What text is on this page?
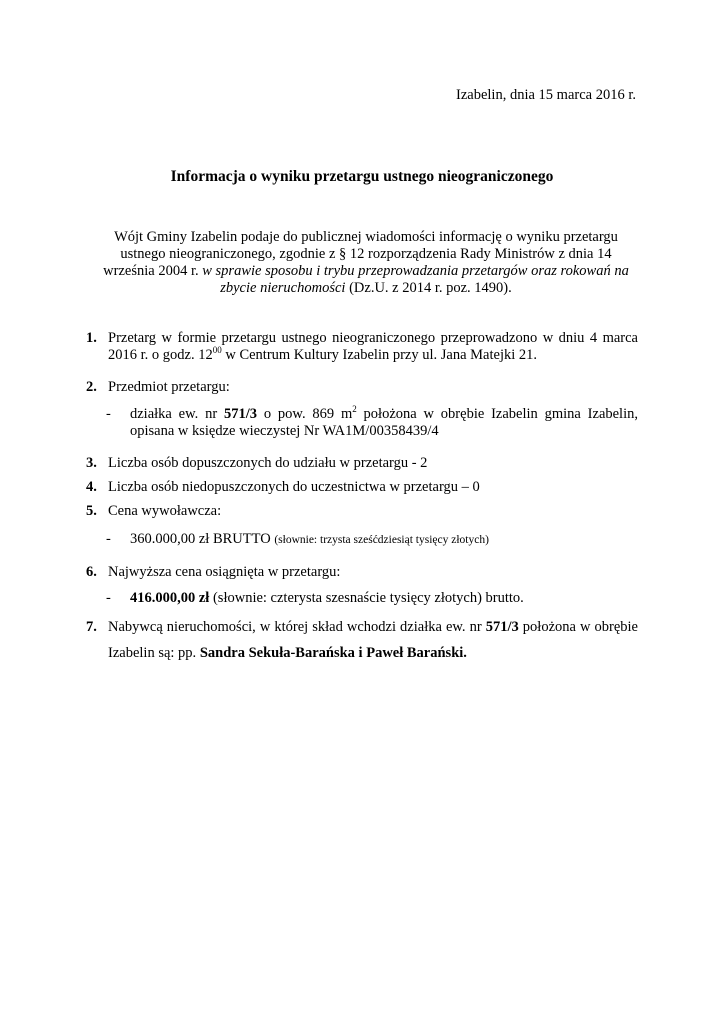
Izabelin, dnia 15 marca 2016 r.
Informacja o wyniku przetargu ustnego nieograniczonego
Wójt Gminy Izabelin podaje do publicznej wiadomości informację o wyniku przetargu ustnego nieograniczonego, zgodnie z § 12 rozporządzenia Rady Ministrów z dnia 14 września 2004 r. w sprawie sposobu i trybu przeprowadzania przetargów oraz rokowań na zbycie nieruchomości (Dz.U. z 2014 r. poz. 1490).
1. Przetarg w formie przetargu ustnego nieograniczonego przeprowadzono w dniu 4 marca 2016 r. o godz. $12^{00}$ w Centrum Kultury Izabelin przy ul. Jana Matejki 21.
2. Przedmiot przetargu:
- działka ew. nr 571/3 o pow. 869 $m^2$ położona w obrębie Izabelin gmina Izabelin, opisana w księdze wieczystej Nr WA1M/00358439/4
3. Liczba osób dopuszczonych do udziału w przetargu - 2
4. Liczba osób niedopuszczonych do uczestnictwa w przetargu – 0
5. Cena wywoławcza:
- 360.000,00 zł BRUTTO (słownie: trzysta sześćdziesiąt tysięcy złotych)
6. Najwyższa cena osiągnięta w przetargu:
- 416.000,00 zł (słownie: czterysta szesnaście tysięcy złotych) brutto.
7. Nabywcą nieruchomości, w której skład wchodzi działka ew. nr 571/3 położona w obrębie Izabelin są: pp. Sandra Sekuła-Barańska i Paweł Barański.
